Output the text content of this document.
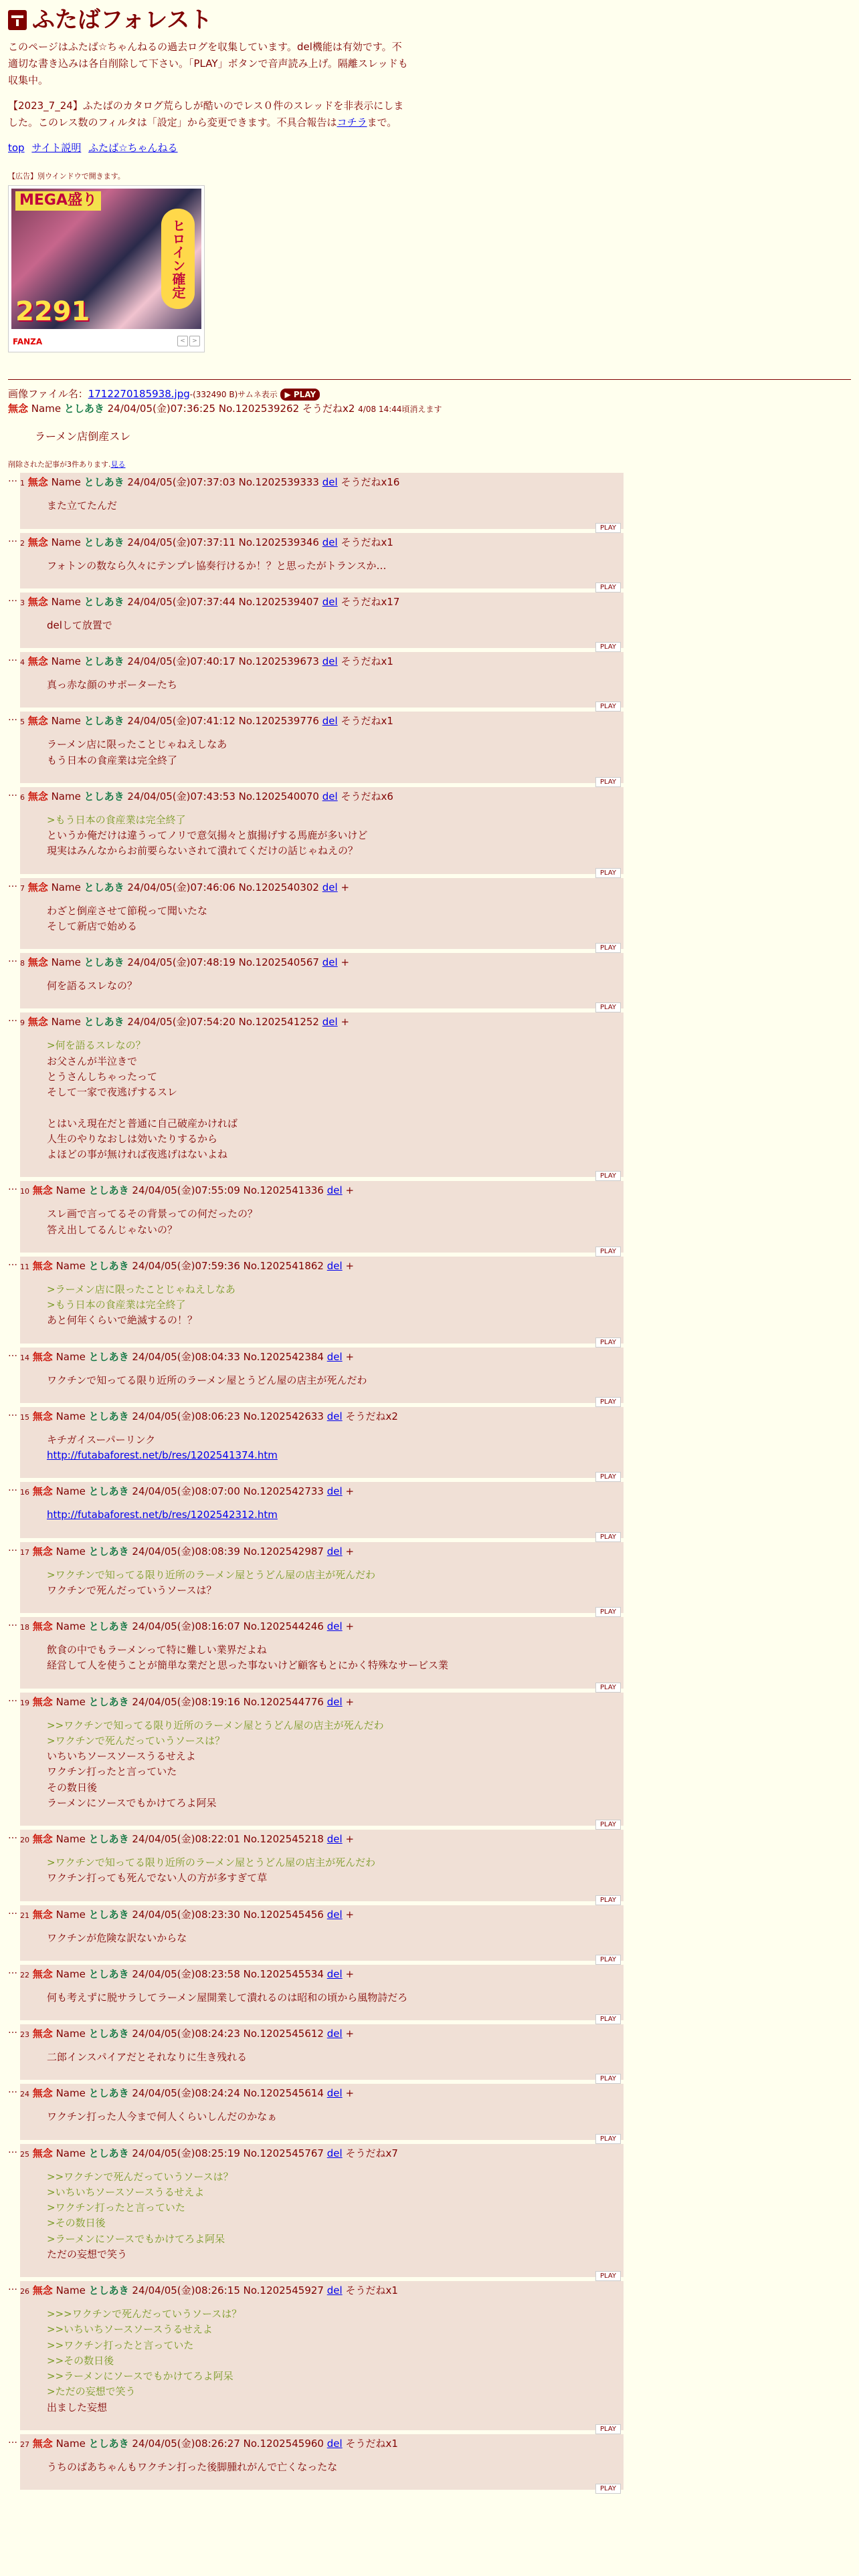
ふたばフォレスト

このページはふたば☆ちゃんねるの過去ログを収集しています。del機能は有効です。不適切な書き込みは各自削除して下さい。「PLAY」ボタンで音声読み上げ。隔離スレッドも収集中。

【2023_7_24】ふたばのカタログ荒らしが酷いのでレス０件のスレッドを非表示にしました。このレス数のフィルタは「設定」から変更できます。不具合報告はコチラまで。

top サイト説明 ふたば☆ちゃんねる
【広告】別ウインドウで開きます。
MEGA盛り
ヒロイン確定
2291
FANZA	<	>
画像ファイル名：1712270185938.jpg-(332490 B)サムネ表示 ▶ PLAY
無念 Name としあき 24/04/05(金)07:36:25 No.1202539262 そうだねx2 4/08 14:44頃消えます
ラーメン店倒産スレ
削除された記事が3件あります.見る
… 1 無念 Name としあき 24/04/05(金)07:37:03 No.1202539333 del そうだねx16
また立てたんだ
PLAY
… 2 無念 Name としあき 24/04/05(金)07:37:11 No.1202539346 del そうだねx1
フォトンの数なら久々にテンプレ協奏行けるか！？と思ったがトランスか…
PLAY
… 3 無念 Name としあき 24/04/05(金)07:37:44 No.1202539407 del そうだねx17
delして放置で
PLAY
… 4 無念 Name としあき 24/04/05(金)07:40:17 No.1202539673 del そうだねx1
真っ赤な顔のサポーターたち
PLAY
… 5 無念 Name としあき 24/04/05(金)07:41:12 No.1202539776 del そうだねx1
ラーメン店に限ったことじゃねえしなあ
もう日本の食産業は完全終了
PLAY
… 6 無念 Name としあき 24/04/05(金)07:43:53 No.1202540070 del そうだねx6
>もう日本の食産業は完全終了
というか俺だけは違うってノリで意気揚々と旗揚げする馬鹿が多いけど
現実はみんなからお前要らないされて潰れてくだけの話じゃねえの？
PLAY
… 7 無念 Name としあき 24/04/05(金)07:46:06 No.1202540302 del +
わざと倒産させて節税って聞いたな
そして新店で始める
PLAY
… 8 無念 Name としあき 24/04/05(金)07:48:19 No.1202540567 del +
何を語るスレなの？
PLAY
… 9 無念 Name としあき 24/04/05(金)07:54:20 No.1202541252 del +
>何を語るスレなの？
お父さんが半泣きで
とうさんしちゃったって
そして一家で夜逃げするスレ
とはいえ現在だと普通に自己破産かければ
人生のやりなおしは効いたりするから
よほどの事が無ければ夜逃げはないよね
PLAY
… 10 無念 Name としあき 24/04/05(金)07:55:09 No.1202541336 del +
スレ画で言ってるその背景っての何だったの？
答え出してるんじゃないの？
PLAY
… 11 無念 Name としあき 24/04/05(金)07:59:36 No.1202541862 del +
>ラーメン店に限ったことじゃねえしなあ
>もう日本の食産業は完全終了
あと何年くらいで絶滅するの！？
PLAY
… 14 無念 Name としあき 24/04/05(金)08:04:33 No.1202542384 del +
ワクチンで知ってる限り近所のラーメン屋とうどん屋の店主が死んだわ
PLAY
… 15 無念 Name としあき 24/04/05(金)08:06:23 No.1202542633 del そうだねx2
キチガイスーパーリンク
http://futabaforest.net/b/res/1202541374.htm
PLAY
… 16 無念 Name としあき 24/04/05(金)08:07:00 No.1202542733 del +
http://futabaforest.net/b/res/1202542312.htm
PLAY
… 17 無念 Name としあき 24/04/05(金)08:08:39 No.1202542987 del +
>ワクチンで知ってる限り近所のラーメン屋とうどん屋の店主が死んだわ
ワクチンで死んだっていうソースは？
PLAY
… 18 無念 Name としあき 24/04/05(金)08:16:07 No.1202544246 del +
飲食の中でもラーメンって特に難しい業界だよね
経営して人を使うことが簡単な業だと思った事ないけど顧客もとにかく特殊なサービス業
PLAY
… 19 無念 Name としあき 24/04/05(金)08:19:16 No.1202544776 del +
>>ワクチンで知ってる限り近所のラーメン屋とうどん屋の店主が死んだわ
>ワクチンで死んだっていうソースは？
いちいちソースソースうるせえよ
ワクチン打ったと言っていた
その数日後
ラーメンにソースでもかけてろよ阿呆
PLAY
… 20 無念 Name としあき 24/04/05(金)08:22:01 No.1202545218 del +
>ワクチンで知ってる限り近所のラーメン屋とうどん屋の店主が死んだわ
ワクチン打っても死んでない人の方が多すぎて草
PLAY
… 21 無念 Name としあき 24/04/05(金)08:23:30 No.1202545456 del +
ワクチンが危険な訳ないからな
PLAY
… 22 無念 Name としあき 24/04/05(金)08:23:58 No.1202545534 del +
何も考えずに脱サラしてラーメン屋開業して潰れるのは昭和の頃から風物詩だろ
PLAY
… 23 無念 Name としあき 24/04/05(金)08:24:23 No.1202545612 del +
二郎インスパイアだとそれなりに生き残れる
PLAY
… 24 無念 Name としあき 24/04/05(金)08:24:24 No.1202545614 del +
ワクチン打った人今まで何人くらいしんだのかなぁ
PLAY
… 25 無念 Name としあき 24/04/05(金)08:25:19 No.1202545767 del そうだねx7
>>ワクチンで死んだっていうソースは？
>いちいちソースソースうるせえよ
>ワクチン打ったと言っていた
>その数日後
>ラーメンにソースでもかけてろよ阿呆
ただの妄想で笑う
PLAY
… 26 無念 Name としあき 24/04/05(金)08:26:15 No.1202545927 del そうだねx1
>>>ワクチンで死んだっていうソースは？
>>いちいちソースソースうるせえよ
>>ワクチン打ったと言っていた
>>その数日後
>>ラーメンにソースでもかけてろよ阿呆
>ただの妄想で笑う
出ました妄想
PLAY
… 27 無念 Name としあき 24/04/05(金)08:26:27 No.1202545960 del そうだねx1
うちのばあちゃんもワクチン打った後脚腫れがんで亡くなったな
PLAY
